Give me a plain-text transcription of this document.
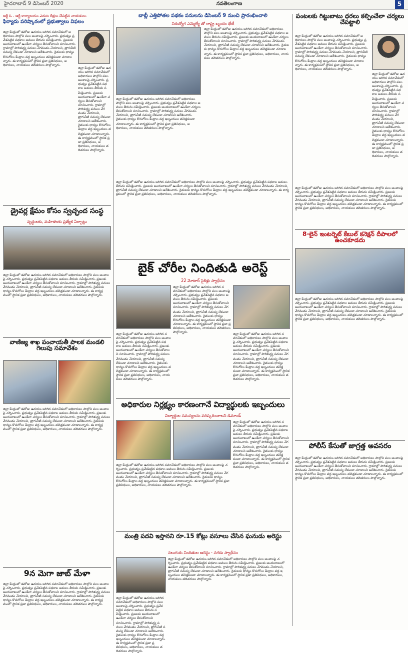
హైదరాబాద్ 9 డిసెంబర్ 2020	నవతెలంగాణ	5
ఆర్టీ ఓ - ఆర్టీ కార్యాలయం ఎదుట దీక్షలు చేపట్టిన నాయకులు
ఫిర్యాదు పరిష్కారంలో ప్రభుత్వాలు విఫలం
జిల్లా కేంద్రంలో ఈరోజు ఉదయం జరిగిన సమావేశంలో అధికారులు పాల్గొని పలు అంశాలపై చర్చించారు. ప్రభుత్వం ప్రవేశపెట్టిన పథకాల అమలు తీరును సమీక్షించారు. ప్రజలకు అందుబాటులో ఉండేలా చర్యలు తీసుకోవాలని సూచించారు. గ్రామాల్లో పారిశుద్ధ్య పనులు వేగవంతం చేయాలని, త్రాగునీటి సమస్య లేకుండా చూడాలని ఆదేశించారు. రైతులకు ధాన్యం కొనుగోలు కేంద్రాల వద్ద ఇబ్బందులు తలెత్తకుండా చూడాలన్నారు. ఈ కార్యక్రమంలో స్థానిక ప్రజా ప్రతినిధులు, అధికారులు, నాయకులు తదితరులు పాల్గొన్నారు.
జిల్లా కేంద్రంలో ఈరోజు ఉదయం జరిగిన సమావేశంలో అధికారులు పాల్గొని పలు అంశాలపై చర్చించారు. ప్రభుత్వం ప్రవేశపెట్టిన పథకాల అమలు తీరును సమీక్షించారు. ప్రజలకు అందుబాటులో ఉండేలా చర్యలు తీసుకోవాలని సూచించారు. గ్రామాల్లో పారిశుద్ధ్య పనులు వేగవంతం చేయాలని, త్రాగునీటి సమస్య లేకుండా చూడాలని ఆదేశించారు. రైతులకు ధాన్యం కొనుగోలు కేంద్రాల వద్ద ఇబ్బందులు తలెత్తకుండా చూడాలన్నారు. ఈ కార్యక్రమంలో స్థానిక ప్రజా ప్రతినిధులు, అధికారులు, నాయకులు తదితరులు పాల్గొన్నారు.
డ్రైవర్ల క్షేమం కోసం స్వచ్ఛంద సంస్థ
వృద్ధులకు, మహిళలకు ప్రత్యేక ఏర్పాట్లు
జిల్లా కేంద్రంలో ఈరోజు ఉదయం జరిగిన సమావేశంలో అధికారులు పాల్గొని పలు అంశాలపై చర్చించారు. ప్రభుత్వం ప్రవేశపెట్టిన పథకాల అమలు తీరును సమీక్షించారు. ప్రజలకు అందుబాటులో ఉండేలా చర్యలు తీసుకోవాలని సూచించారు. గ్రామాల్లో పారిశుద్ధ్య పనులు వేగవంతం చేయాలని, త్రాగునీటి సమస్య లేకుండా చూడాలని ఆదేశించారు. రైతులకు ధాన్యం కొనుగోలు కేంద్రాల వద్ద ఇబ్బందులు తలెత్తకుండా చూడాలన్నారు. ఈ కార్యక్రమంలో స్థానిక ప్రజా ప్రతినిధులు, అధికారులు, నాయకులు తదితరులు పాల్గొన్నారు.
వాణిజ్య శాఖ పంచాయతీ పాలక మండలి గెలుపు సమావేశం
జిల్లా కేంద్రంలో ఈరోజు ఉదయం జరిగిన సమావేశంలో అధికారులు పాల్గొని పలు అంశాలపై చర్చించారు. ప్రభుత్వం ప్రవేశపెట్టిన పథకాల అమలు తీరును సమీక్షించారు. ప్రజలకు అందుబాటులో ఉండేలా చర్యలు తీసుకోవాలని సూచించారు. గ్రామాల్లో పారిశుద్ధ్య పనులు వేగవంతం చేయాలని, త్రాగునీటి సమస్య లేకుండా చూడాలని ఆదేశించారు. రైతులకు ధాన్యం కొనుగోలు కేంద్రాల వద్ద ఇబ్బందులు తలెత్తకుండా చూడాలన్నారు. ఈ కార్యక్రమంలో స్థానిక ప్రజా ప్రతినిధులు, అధికారులు, నాయకులు తదితరులు పాల్గొన్నారు.
9న మెగా జాబ్ మేళా
జిల్లా కేంద్రంలో ఈరోజు ఉదయం జరిగిన సమావేశంలో అధికారులు పాల్గొని పలు అంశాలపై చర్చించారు. ప్రభుత్వం ప్రవేశపెట్టిన పథకాల అమలు తీరును సమీక్షించారు. ప్రజలకు అందుబాటులో ఉండేలా చర్యలు తీసుకోవాలని సూచించారు. గ్రామాల్లో పారిశుద్ధ్య పనులు వేగవంతం చేయాలని, త్రాగునీటి సమస్య లేకుండా చూడాలని ఆదేశించారు. రైతులకు ధాన్యం కొనుగోలు కేంద్రాల వద్ద ఇబ్బందులు తలెత్తకుండా చూడాలన్నారు. ఈ కార్యక్రమంలో స్థానిక ప్రజా ప్రతినిధులు, అధికారులు, నాయకులు తదితరులు పాల్గొన్నారు.
బాబ్లీ ఎత్తిపోతల పథకం పనులను డిసెంబర్ 9 నుంచి ప్రారంభించాలి
నిరుద్యోగ ఎమ్మెల్యే తో రాష్ట్ర బృందం భేటీ
జిల్లా కేంద్రంలో ఈరోజు ఉదయం జరిగిన సమావేశంలో అధికారులు పాల్గొని పలు అంశాలపై చర్చించారు. ప్రభుత్వం ప్రవేశపెట్టిన పథకాల అమలు తీరును సమీక్షించారు. ప్రజలకు అందుబాటులో ఉండేలా చర్యలు తీసుకోవాలని సూచించారు. గ్రామాల్లో పారిశుద్ధ్య పనులు వేగవంతం చేయాలని, త్రాగునీటి సమస్య లేకుండా చూడాలని ఆదేశించారు. రైతులకు ధాన్యం కొనుగోలు కేంద్రాల వద్ద ఇబ్బందులు తలెత్తకుండా చూడాలన్నారు. ఈ కార్యక్రమంలో స్థానిక ప్రజా ప్రతినిధులు, అధికారులు, నాయకులు తదితరులు పాల్గొన్నారు.
జిల్లా కేంద్రంలో ఈరోజు ఉదయం జరిగిన సమావేశంలో అధికారులు పాల్గొని పలు అంశాలపై చర్చించారు. ప్రభుత్వం ప్రవేశపెట్టిన పథకాల అమలు తీరును సమీక్షించారు. ప్రజలకు అందుబాటులో ఉండేలా చర్యలు తీసుకోవాలని సూచించారు. గ్రామాల్లో పారిశుద్ధ్య పనులు వేగవంతం చేయాలని, త్రాగునీటి సమస్య లేకుండా చూడాలని ఆదేశించారు. రైతులకు ధాన్యం కొనుగోలు కేంద్రాల వద్ద ఇబ్బందులు తలెత్తకుండా చూడాలన్నారు. ఈ కార్యక్రమంలో స్థానిక ప్రజా ప్రతినిధులు, అధికారులు, నాయకులు తదితరులు పాల్గొన్నారు.
జిల్లా కేంద్రంలో ఈరోజు ఉదయం జరిగిన సమావేశంలో అధికారులు పాల్గొని పలు అంశాలపై చర్చించారు. ప్రభుత్వం ప్రవేశపెట్టిన పథకాల అమలు తీరును సమీక్షించారు. ప్రజలకు అందుబాటులో ఉండేలా చర్యలు తీసుకోవాలని సూచించారు. గ్రామాల్లో పారిశుద్ధ్య పనులు వేగవంతం చేయాలని, త్రాగునీటి సమస్య లేకుండా చూడాలని ఆదేశించారు. రైతులకు ధాన్యం కొనుగోలు కేంద్రాల వద్ద ఇబ్బందులు తలెత్తకుండా చూడాలన్నారు. ఈ కార్యక్రమంలో స్థానిక ప్రజా ప్రతినిధులు, అధికారులు, నాయకులు తదితరులు పాల్గొన్నారు.
బైక్ చోరీల నిందితుడి అరెస్ట్
22 మోటార్ సైకిళ్లు స్వాధీనం
జిల్లా కేంద్రంలో ఈరోజు ఉదయం జరిగిన సమావేశంలో అధికారులు పాల్గొని పలు అంశాలపై చర్చించారు. ప్రభుత్వం ప్రవేశపెట్టిన పథకాల అమలు తీరును సమీక్షించారు. ప్రజలకు అందుబాటులో ఉండేలా చర్యలు తీసుకోవాలని సూచించారు. గ్రామాల్లో పారిశుద్ధ్య పనులు వేగవంతం చేయాలని, త్రాగునీటి సమస్య లేకుండా చూడాలని ఆదేశించారు. రైతులకు ధాన్యం కొనుగోలు కేంద్రాల వద్ద ఇబ్బందులు తలెత్తకుండా చూడాలన్నారు. ఈ కార్యక్రమంలో స్థానిక ప్రజా ప్రతినిధులు, అధికారులు, నాయకులు తదితరులు పాల్గొన్నారు.
జిల్లా కేంద్రంలో ఈరోజు ఉదయం జరిగిన సమావేశంలో అధికారులు పాల్గొని పలు అంశాలపై చర్చించారు. ప్రభుత్వం ప్రవేశపెట్టిన పథకాల అమలు తీరును సమీక్షించారు. ప్రజలకు అందుబాటులో ఉండేలా చర్యలు తీసుకోవాలని సూచించారు. గ్రామాల్లో పారిశుద్ధ్య పనులు వేగవంతం చేయాలని, త్రాగునీటి సమస్య లేకుండా చూడాలని ఆదేశించారు. రైతులకు ధాన్యం కొనుగోలు కేంద్రాల వద్ద ఇబ్బందులు తలెత్తకుండా చూడాలన్నారు. ఈ కార్యక్రమంలో స్థానిక ప్రజా ప్రతినిధులు, అధికారులు, నాయకులు తదితరులు పాల్గొన్నారు.
జిల్లా కేంద్రంలో ఈరోజు ఉదయం జరిగిన సమావేశంలో అధికారులు పాల్గొని పలు అంశాలపై చర్చించారు. ప్రభుత్వం ప్రవేశపెట్టిన పథకాల అమలు తీరును సమీక్షించారు. ప్రజలకు అందుబాటులో ఉండేలా చర్యలు తీసుకోవాలని సూచించారు. గ్రామాల్లో పారిశుద్ధ్య పనులు వేగవంతం చేయాలని, త్రాగునీటి సమస్య లేకుండా చూడాలని ఆదేశించారు. రైతులకు ధాన్యం కొనుగోలు కేంద్రాల వద్ద ఇబ్బందులు తలెత్తకుండా చూడాలన్నారు. ఈ కార్యక్రమంలో స్థానిక ప్రజా ప్రతినిధులు, అధికారులు, నాయకులు తదితరులు పాల్గొన్నారు.
అధికారుల నిర్లక్ష్యం కారణంగానే విద్యార్థులకు ఇబ్బందులు
విద్యార్థుల సమస్యలను పరిష్కరించాలని డిమాండ్
జిల్లా కేంద్రంలో ఈరోజు ఉదయం జరిగిన సమావేశంలో అధికారులు పాల్గొని పలు అంశాలపై చర్చించారు. ప్రభుత్వం ప్రవేశపెట్టిన పథకాల అమలు తీరును సమీక్షించారు. ప్రజలకు అందుబాటులో ఉండేలా చర్యలు తీసుకోవాలని సూచించారు. గ్రామాల్లో పారిశుద్ధ్య పనులు వేగవంతం చేయాలని, త్రాగునీటి సమస్య లేకుండా చూడాలని ఆదేశించారు. రైతులకు ధాన్యం కొనుగోలు కేంద్రాల వద్ద ఇబ్బందులు తలెత్తకుండా చూడాలన్నారు. ఈ కార్యక్రమంలో స్థానిక ప్రజా ప్రతినిధులు, అధికారులు, నాయకులు తదితరులు పాల్గొన్నారు.
జిల్లా కేంద్రంలో ఈరోజు ఉదయం జరిగిన సమావేశంలో అధికారులు పాల్గొని పలు అంశాలపై చర్చించారు. ప్రభుత్వం ప్రవేశపెట్టిన పథకాల అమలు తీరును సమీక్షించారు. ప్రజలకు అందుబాటులో ఉండేలా చర్యలు తీసుకోవాలని సూచించారు. గ్రామాల్లో పారిశుద్ధ్య పనులు వేగవంతం చేయాలని, త్రాగునీటి సమస్య లేకుండా చూడాలని ఆదేశించారు. రైతులకు ధాన్యం కొనుగోలు కేంద్రాల వద్ద ఇబ్బందులు తలెత్తకుండా చూడాలన్నారు. ఈ కార్యక్రమంలో స్థానిక ప్రజా ప్రతినిధులు, అధికారులు, నాయకులు తదితరులు పాల్గొన్నారు.
మంత్రి పదవి ఇస్తానని రూ.15 కోట్లు వసూలు చేసిన ఘనుడు అరెస్టు
నలుగురు నిందితుల అరెస్టు - నగదు స్వాధీనం
జిల్లా కేంద్రంలో ఈరోజు ఉదయం జరిగిన సమావేశంలో అధికారులు పాల్గొని పలు అంశాలపై చర్చించారు. ప్రభుత్వం ప్రవేశపెట్టిన పథకాల అమలు తీరును సమీక్షించారు. ప్రజలకు అందుబాటులో ఉండేలా చర్యలు తీసుకోవాలని సూచించారు. గ్రామాల్లో పారిశుద్ధ్య పనులు వేగవంతం చేయాలని, త్రాగునీటి సమస్య లేకుండా చూడాలని ఆదేశించారు. రైతులకు ధాన్యం కొనుగోలు కేంద్రాల వద్ద ఇబ్బందులు తలెత్తకుండా చూడాలన్నారు. ఈ కార్యక్రమంలో స్థానిక ప్రజా ప్రతినిధులు, అధికారులు, నాయకులు తదితరులు పాల్గొన్నారు.
జిల్లా కేంద్రంలో ఈరోజు ఉదయం జరిగిన సమావేశంలో అధికారులు పాల్గొని పలు అంశాలపై చర్చించారు. ప్రభుత్వం ప్రవేశపెట్టిన పథకాల అమలు తీరును సమీక్షించారు. ప్రజలకు అందుబాటులో ఉండేలా చర్యలు తీసుకోవాలని సూచించారు. గ్రామాల్లో పారిశుద్ధ్య పనులు వేగవంతం చేయాలని, త్రాగునీటి సమస్య లేకుండా చూడాలని ఆదేశించారు. రైతులకు ధాన్యం కొనుగోలు కేంద్రాల వద్ద ఇబ్బందులు తలెత్తకుండా చూడాలన్నారు. ఈ కార్యక్రమంలో స్థానిక ప్రజా ప్రతినిధులు, అధికారులు, నాయకులు తదితరులు పాల్గొన్నారు.
పంటలకు గిట్టుబాటు ధరలు కల్పించేలా చర్యలు చేపట్టాలి
జిల్లా కేంద్రంలో ఈరోజు ఉదయం జరిగిన సమావేశంలో అధికారులు పాల్గొని పలు అంశాలపై చర్చించారు. ప్రభుత్వం ప్రవేశపెట్టిన పథకాల అమలు తీరును సమీక్షించారు. ప్రజలకు అందుబాటులో ఉండేలా చర్యలు తీసుకోవాలని సూచించారు. గ్రామాల్లో పారిశుద్ధ్య పనులు వేగవంతం చేయాలని, త్రాగునీటి సమస్య లేకుండా చూడాలని ఆదేశించారు. రైతులకు ధాన్యం కొనుగోలు కేంద్రాల వద్ద ఇబ్బందులు తలెత్తకుండా చూడాలన్నారు. ఈ కార్యక్రమంలో స్థానిక ప్రజా ప్రతినిధులు, అధికారులు, నాయకులు తదితరులు పాల్గొన్నారు.
జిల్లా కేంద్రంలో ఈరోజు ఉదయం జరిగిన సమావేశంలో అధికారులు పాల్గొని పలు అంశాలపై చర్చించారు. ప్రభుత్వం ప్రవేశపెట్టిన పథకాల అమలు తీరును సమీక్షించారు. ప్రజలకు అందుబాటులో ఉండేలా చర్యలు తీసుకోవాలని సూచించారు. గ్రామాల్లో పారిశుద్ధ్య పనులు వేగవంతం చేయాలని, త్రాగునీటి సమస్య లేకుండా చూడాలని ఆదేశించారు. రైతులకు ధాన్యం కొనుగోలు కేంద్రాల వద్ద ఇబ్బందులు తలెత్తకుండా చూడాలన్నారు. ఈ కార్యక్రమంలో స్థానిక ప్రజా ప్రతినిధులు, అధికారులు, నాయకులు తదితరులు పాల్గొన్నారు.
జిల్లా కేంద్రంలో ఈరోజు ఉదయం జరిగిన సమావేశంలో అధికారులు పాల్గొని పలు అంశాలపై చర్చించారు. ప్రభుత్వం ప్రవేశపెట్టిన పథకాల అమలు తీరును సమీక్షించారు. ప్రజలకు అందుబాటులో ఉండేలా చర్యలు తీసుకోవాలని సూచించారు. గ్రామాల్లో పారిశుద్ధ్య పనులు వేగవంతం చేయాలని, త్రాగునీటి సమస్య లేకుండా చూడాలని ఆదేశించారు. రైతులకు ధాన్యం కొనుగోలు కేంద్రాల వద్ద ఇబ్బందులు తలెత్తకుండా చూడాలన్నారు. ఈ కార్యక్రమంలో స్థానిక ప్రజా ప్రతినిధులు, అధికారులు, నాయకులు తదితరులు పాల్గొన్నారు.
8-లైన్ ఇంటర్నెట్ కేబుల్ కనెక్షన్ దీపాలలో ఉంచకూడదు
జిల్లా కేంద్రంలో ఈరోజు ఉదయం జరిగిన సమావేశంలో అధికారులు పాల్గొని పలు అంశాలపై చర్చించారు. ప్రభుత్వం ప్రవేశపెట్టిన పథకాల అమలు తీరును సమీక్షించారు. ప్రజలకు అందుబాటులో ఉండేలా చర్యలు తీసుకోవాలని సూచించారు. గ్రామాల్లో పారిశుద్ధ్య పనులు వేగవంతం చేయాలని, త్రాగునీటి సమస్య లేకుండా చూడాలని ఆదేశించారు. రైతులకు ధాన్యం కొనుగోలు కేంద్రాల వద్ద ఇబ్బందులు తలెత్తకుండా చూడాలన్నారు. ఈ కార్యక్రమంలో స్థానిక ప్రజా ప్రతినిధులు, అధికారులు, నాయకులు తదితరులు పాల్గొన్నారు.
పోలీస్ కేసుతో జాగ్రత్త అవసరం
జిల్లా కేంద్రంలో ఈరోజు ఉదయం జరిగిన సమావేశంలో అధికారులు పాల్గొని పలు అంశాలపై చర్చించారు. ప్రభుత్వం ప్రవేశపెట్టిన పథకాల అమలు తీరును సమీక్షించారు. ప్రజలకు అందుబాటులో ఉండేలా చర్యలు తీసుకోవాలని సూచించారు. గ్రామాల్లో పారిశుద్ధ్య పనులు వేగవంతం చేయాలని, త్రాగునీటి సమస్య లేకుండా చూడాలని ఆదేశించారు. రైతులకు ధాన్యం కొనుగోలు కేంద్రాల వద్ద ఇబ్బందులు తలెత్తకుండా చూడాలన్నారు. ఈ కార్యక్రమంలో స్థానిక ప్రజా ప్రతినిధులు, అధికారులు, నాయకులు తదితరులు పాల్గొన్నారు.
